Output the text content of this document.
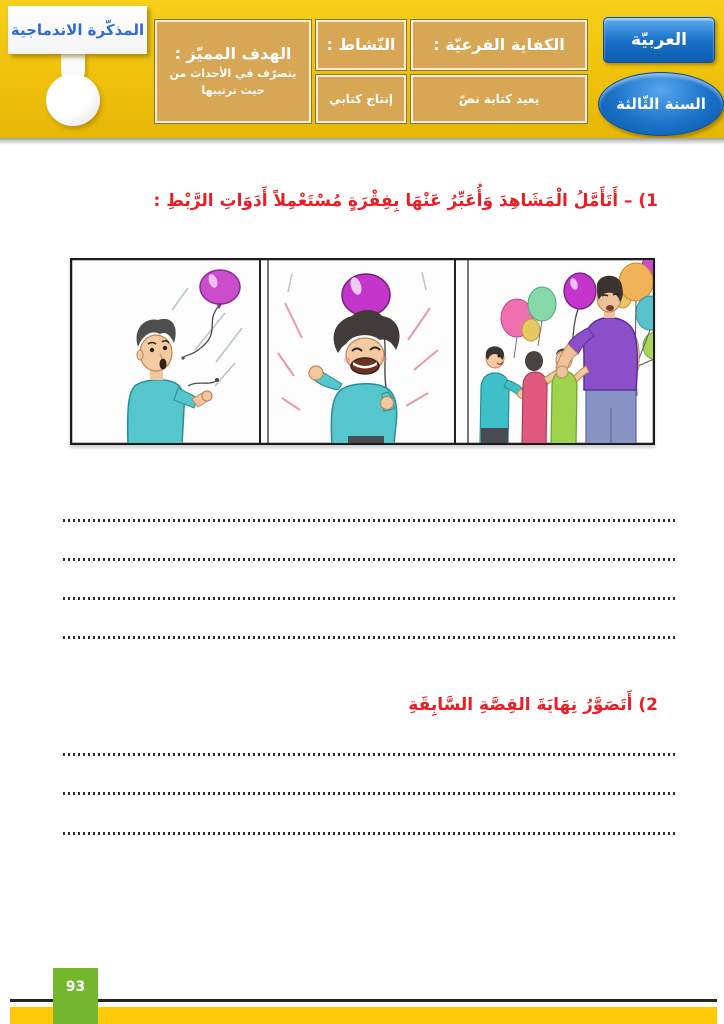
الكفاية الفرعيّة :
يعيد كتابة نصّ
النّشاط :
إنتاج كتابي
الهدف المميّز :
يتصرّف في الأحداث من حيث ترتيبها
العربيّة
السنة الثّالثة
المذكّرة الاندماجية
1) – أَتَأَمَّلُ الْمَشَاهِدَ وَأُعَبِّرُ عَنْهَا بِفِقْرَةٍ مُسْتَعْمِلاً أَدَوَاتِ الرَّبْطِ :
2) أَتَصَوَّرُ نِهَايَةَ القِصَّةِ السَّابِقَةِ
93
